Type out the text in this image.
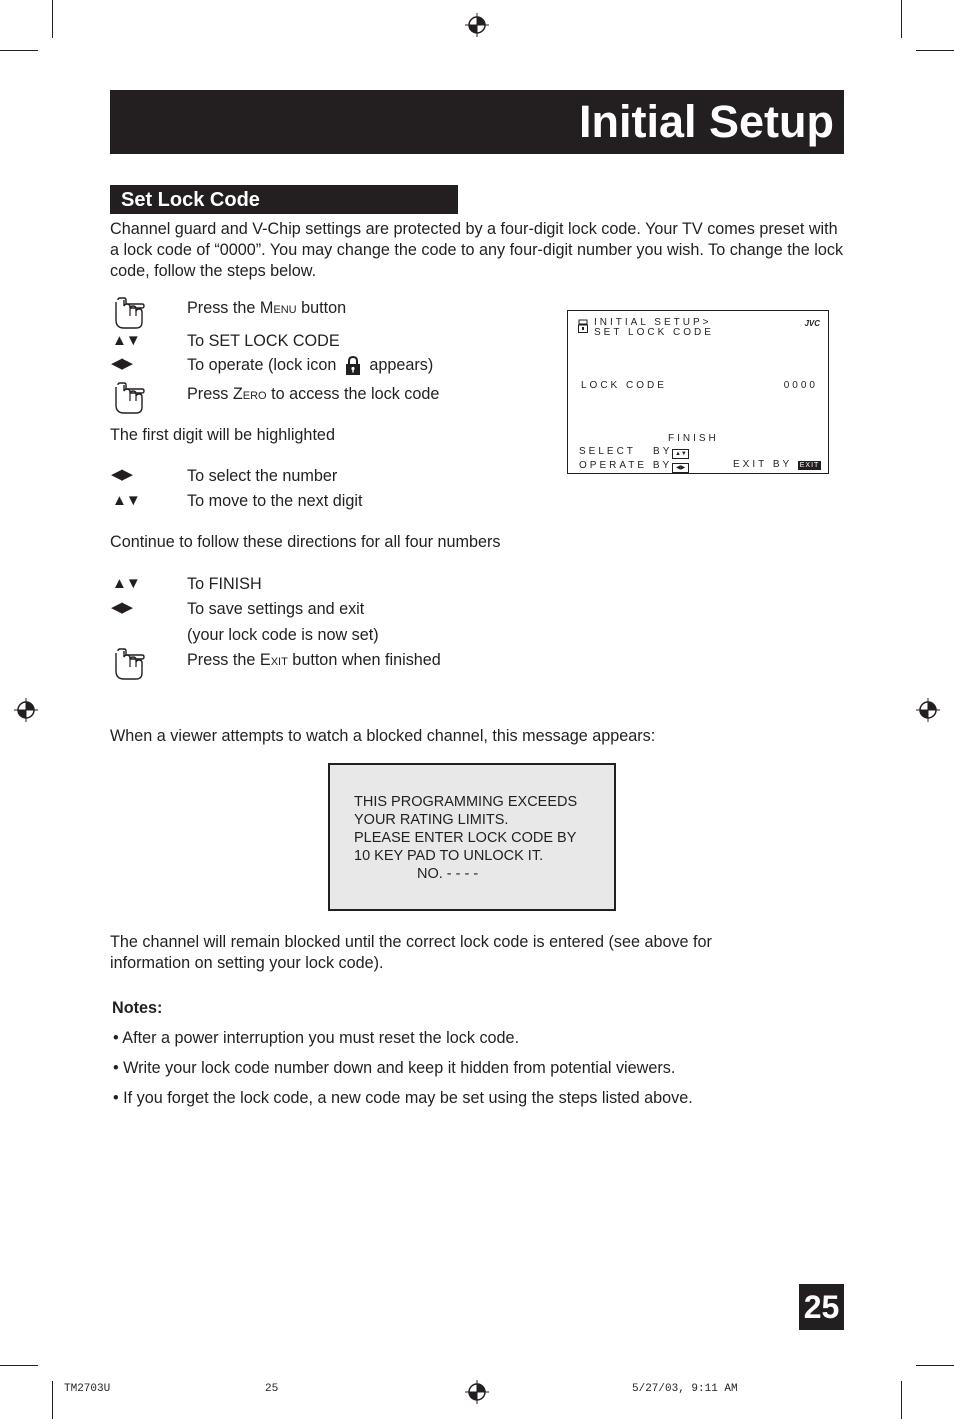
Initial Setup
Set Lock Code
Channel guard and V-Chip settings are protected by a four-digit lock code. Your TV comes preset with a lock code of “0000”. You may change the code to any four-digit number you wish. To change the lock code, follow the steps below.
Press the Menu button
▲▼	To SET LOCK CODE
◀▶	To operate (lock icon  appears)
Press Zero to access the lock code
The first digit will be highlighted
◀▶	To select the number
▲▼	To move to the next digit
Continue to follow these directions for all four numbers
▲▼	To FINISH
◀▶	To save settings and exit
(your lock code is now set)
Press the Exit button when finished
INITIAL SETUP>
SET LOCK CODE
JVC
LOCK CODE	0000
FINISH
SELECT   BY ▲▼
OPERATE BY ◀▶	EXIT BY EXIT
When a viewer attempts to watch a blocked channel, this message appears:
THIS PROGRAMMING EXCEEDS
YOUR RATING LIMITS.
PLEASE ENTER LOCK CODE BY
10 KEY PAD TO UNLOCK IT.
NO. - - - -
The channel will remain blocked until the correct lock code is entered (see above for information on setting your lock code).
Notes:
• After a power interruption you must reset the lock code.
• Write your lock code number down and keep it hidden from potential viewers.
• If you forget the lock code, a new code may be set using the steps listed above.
25
TM2703U	25	5/27/03, 9:11 AM
